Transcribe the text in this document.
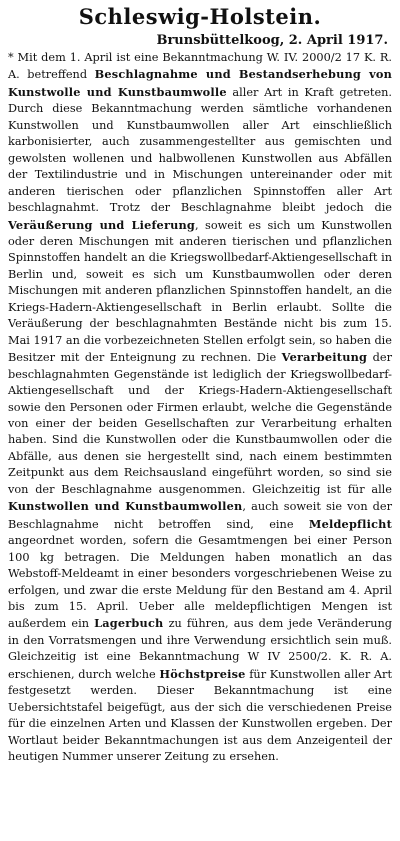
Schleswig-Holstein.
Brunsbüttelkoog, 2. April 1917.

* Mit dem 1. April ist eine Bekanntmachung W. IV. 2000/2 17 K. R. A. betreffend Beschlagnahme und Bestandserhebung von Kunstwolle und Kunstbaumwolle aller Art in Kraft getreten. Durch diese Bekanntmachung werden sämtliche vorhandenen Kunstwollen und Kunstbaumwollen aller Art einschließlich karbonisierter, auch zusammengestellter aus gemischten und gewolsten wollenen und halbwollenen Kunstwollen aus Abfällen der Textilindustrie und in Mischungen untereinander oder mit anderen tierischen oder pflanzlichen Spinnstoffen aller Art beschlagnahmt. Trotz der Beschlagnahme bleibt jedoch die Veräußerung und Lieferung, soweit es sich um Kunstwollen oder deren Mischungen mit anderen tierischen und pflanzlichen Spinnstoffen handelt an die Kriegswollbedarf-Aktiengesellschaft in Berlin und, soweit es sich um Kunstbaumwollen oder deren Mischungen mit anderen pflanzlichen Spinnstoffen handelt, an die Kriegs-Hadern-Aktiengesellschaft in Berlin erlaubt. Sollte die Veräußerung der beschlagnahmten Bestände nicht bis zum 15. Mai 1917 an die vorbezeichneten Stellen erfolgt sein, so haben die Besitzer mit der Enteignung zu rechnen. Die Verarbeitung der beschlagnahmten Gegenstände ist lediglich der Kriegswollbedarf-Aktiengesellschaft und der Kriegs-Hadern-Aktiengesellschaft sowie den Personen oder Firmen erlaubt, welche die Gegenstände von einer der beiden Gesellschaften zur Verarbeitung erhalten haben. Sind die Kunstwollen oder die Kunstbaumwollen oder die Abfälle, aus denen sie hergestellt sind, nach einem bestimmten Zeitpunkt aus dem Reichsausland eingeführt worden, so sind sie von der Beschlagnahme ausgenommen. Gleichzeitig ist für alle Kunstwollen und Kunstbaumwollen, auch soweit sie von der Beschlagnahme nicht betroffen sind, eine Meldepflicht angeordnet worden, sofern die Gesamtmengen bei einer Person 100 kg betragen. Die Meldungen haben monatlich an das Webstoff-Meldeamt in einer besonders vorgeschriebenen Weise zu erfolgen, und zwar die erste Meldung für den Bestand am 4. April bis zum 15. April. Ueber alle meldepflichtigen Mengen ist außerdem ein Lagerbuch zu führen, aus dem jede Veränderung in den Vorratsmengen und ihre Verwendung ersichtlich sein muß. Gleichzeitig ist eine Bekanntmachung W IV 2500/2. K. R. A. erschienen, durch welche Höchstpreise für Kunstwollen aller Art festgesetzt werden. Dieser Bekanntmachung ist eine Uebersichtstafel beigefügt, aus der sich die verschiedenen Preise für die einzelnen Arten und Klassen der Kunstwollen ergeben. Der Wortlaut beider Bekanntmachungen ist aus dem Anzeigenteil der heutigen Nummer unserer Zeitung zu ersehen.
